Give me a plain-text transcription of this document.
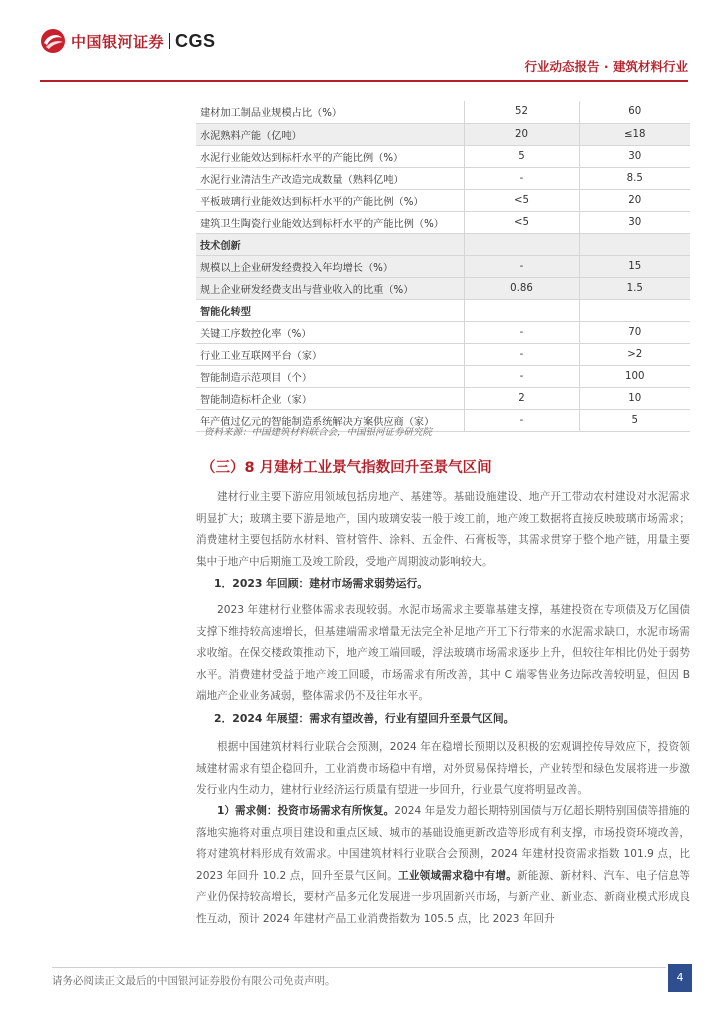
中国银河证券 CGS
行业动态报告 · 建筑材料行业
建材加工制品业规模占比（%）	52	60
水泥熟料产能（亿吨）	20	≤18
水泥行业能效达到标杆水平的产能比例（%）	5	30
水泥行业清洁生产改造完成数量（熟料亿吨）	-	8.5
平板玻璃行业能效达到标杆水平的产能比例（%）	<5	20
建筑卫生陶瓷行业能效达到标杆水平的产能比例（%）	<5	30
技术创新		
规模以上企业研发经费投入年均增长（%）	-	15
规上企业研发经费支出与营业收入的比重（%）	0.86	1.5
智能化转型		
关键工序数控化率（%）	-	70
行业工业互联网平台（家）	-	>2
智能制造示范项目（个）	-	100
智能制造标杆企业（家）	2	10
年产值过亿元的智能制造系统解决方案供应商（家）	-	5
资料来源：中国建筑材料联合会，中国银河证券研究院
（三）8 月建材工业景气指数回升至景气区间
建材行业主要下游应用领域包括房地产、基建等。基础设施建设、地产开工带动农村建设对水泥需求明显扩大；玻璃主要下游是地产，国内玻璃安装一般于竣工前，地产竣工数据将直接反映玻璃市场需求；消费建材主要包括防水材料、管材管件、涂料、五金件、石膏板等，其需求贯穿于整个地产链，用量主要集中于地产中后期施工及竣工阶段，受地产周期波动影响较大。
1．2023 年回顾：建材市场需求弱势运行。
2023 年建材行业整体需求表现较弱。水泥市场需求主要靠基建支撑，基建投资在专项债及万亿国债支撑下维持较高速增长，但基建端需求增量无法完全补足地产开工下行带来的水泥需求缺口，水泥市场需求收缩。在保交楼政策推动下，地产竣工端回暖，浮法玻璃市场需求逐步上升，但较往年相比仍处于弱势水平。消费建材受益于地产竣工回暖，市场需求有所改善，其中 C 端零售业务边际改善较明显，但因 B 端地产企业业务减弱，整体需求仍不及往年水平。
2．2024 年展望：需求有望改善，行业有望回升至景气区间。
根据中国建筑材料行业联合会预测，2024 年在稳增长预期以及积极的宏观调控传导效应下，投资领域建材需求有望企稳回升，工业消费市场稳中有增，对外贸易保持增长，产业转型和绿色发展将进一步激发行业内生动力，建材行业经济运行质量有望进一步回升，行业景气度将明显改善。
1）需求侧：投资市场需求有所恢复。2024 年是发力超长期特别国债与万亿超长期特别国债等措施的落地实施将对重点项目建设和重点区域、城市的基础设施更新改造等形成有利支撑，市场投资环境改善，将对建筑材料形成有效需求。中国建筑材料行业联合会预测，2024 年建材投资需求指数 101.9 点，比 2023 年回升 10.2 点，回升至景气区间。工业领域需求稳中有增。新能源、新材料、汽车、电子信息等产业仍保持较高增长，要材产品多元化发展进一步巩固新兴市场，与新产业、新业态、新商业模式形成良性互动，预计 2024 年建材产品工业消费指数为 105.5 点，比 2023 年回升
请务必阅读正文最后的中国银河证券股份有限公司免责声明。	4
